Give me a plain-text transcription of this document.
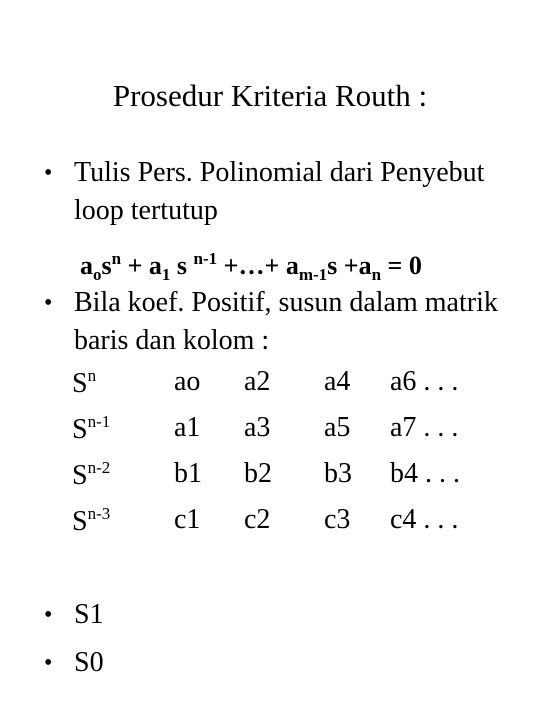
Prosedur Kriteria Routh :
• Tulis Pers. Polinomial dari Penyebut loop tertutup
$a_os^n + a_1$ s $^{n-1}$ +…+ $a_{m-1}s +a_n = 0$
• Bila koef. Positif, susun dalam matrik baris dan kolom :
$S^n$	ao a2 a4 a6 . . .
$S^{n-1}$ a1 a3 a5 a7 . . .
$S^{n-2}$ b1 b2 b3 b4 . . .
$S^{n-3}$ c1 c2 c3 c4 . . .
• S1
• S0
